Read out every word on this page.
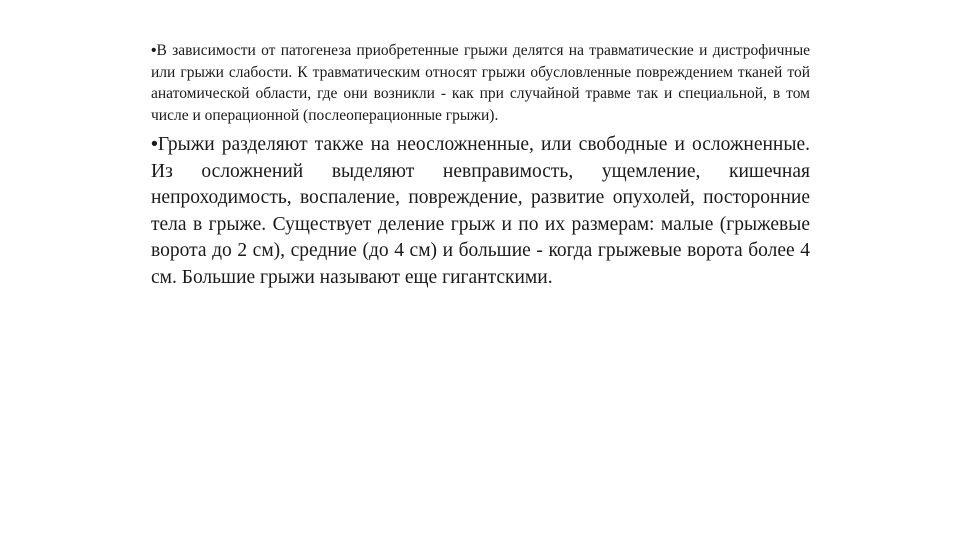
•В зависимости от патогенеза приобретенные грыжи делятся на травматические и дистрофичные или грыжи слабости. К травматическим относят грыжи обусловленные повреждением тканей той анатомической области, где они возникли - как при случайной травме так и специальной, в том числе и операционной (послеоперационные грыжи).

•Грыжи разделяют также на неосложненные, или свободные и осложненные. Из осложнений выделяют невправимость, ущемление, кишечная непроходимость, воспаление, повреждение, развитие опухолей, посторонние тела в грыже. Существует деление грыж и по их размерам: малые (грыжевые ворота до 2 см), средние (до 4 см) и большие - когда грыжевые ворота более 4 см. Большие грыжи называют еще гигантскими.
